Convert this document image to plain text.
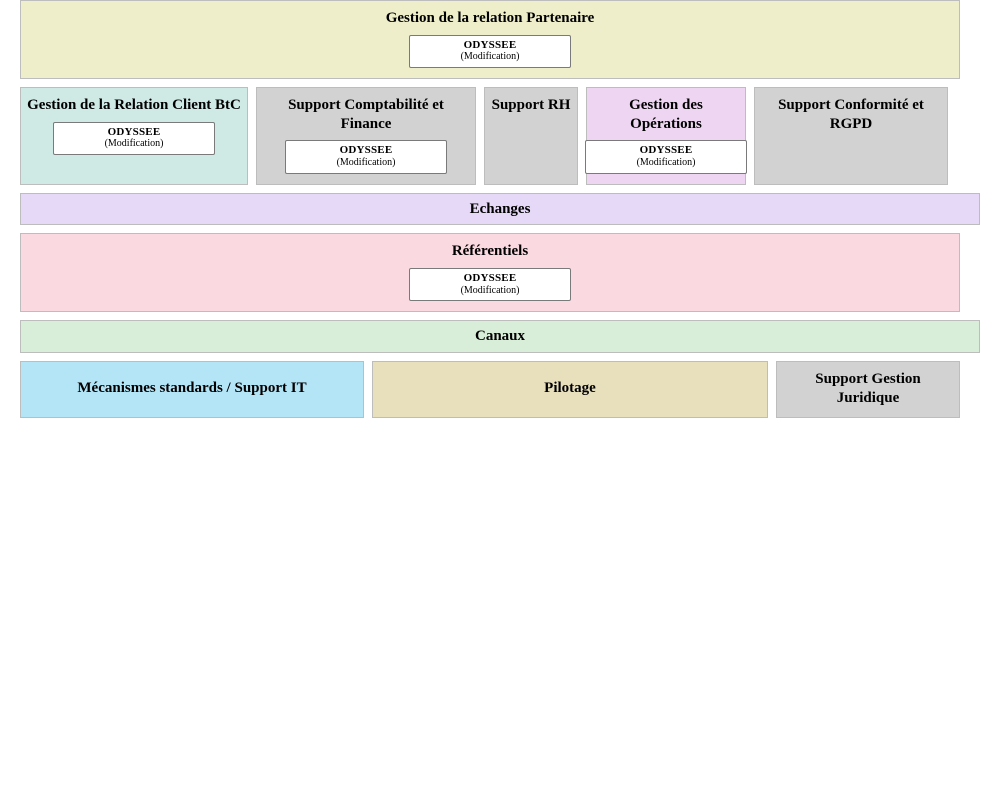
Gestion de la relation Partenaire
ODYSSEE
(Modification)
Gestion de la Relation Client BtC
ODYSSEE
(Modification)
Support Comptabilité et Finance
ODYSSEE
(Modification)
Support RH	Gestion des Opérations
ODYSSEE
(Modification)
Support Conformité et RGPD
Echanges
Référentiels
ODYSSEE
(Modification)
Canaux
Mécanismes standards / Support IT	Pilotage
Support Gestion Juridique
